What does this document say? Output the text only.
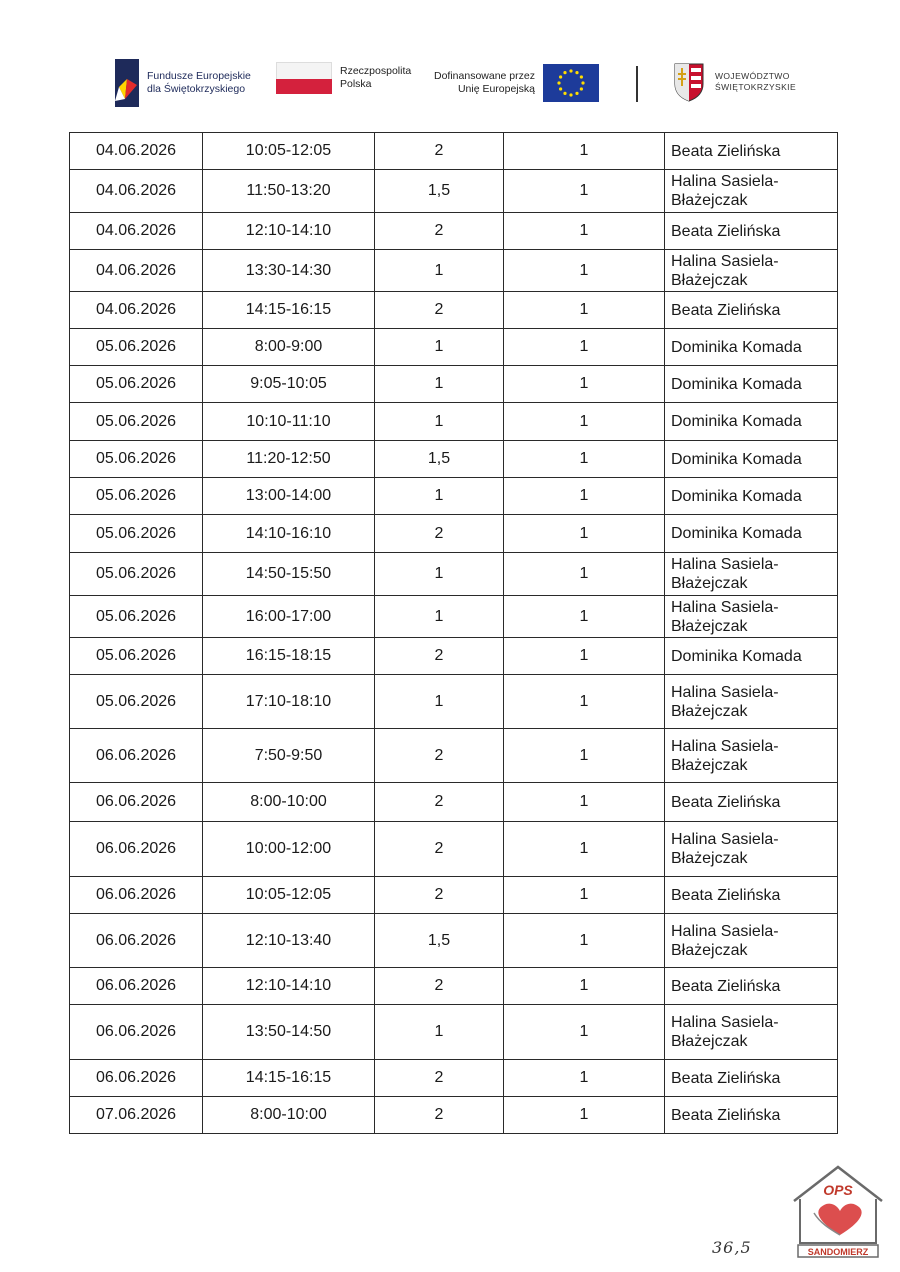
Fundusze Europejskie
dla Świętokrzyskiego
Rzeczpospolita
Polska
Dofinansowane przez
Unię Europejską
WOJEWÓDZTWO
ŚWIĘTOKRZYSKIE
04.06.2026	10:05-12:05	2	1	Beata Zielińska

04.06.2026	11:50-13:20	1,5	1	Halina Sasiela-
Błażejczak

04.06.2026	12:10-14:10	2	1	Beata Zielińska

04.06.2026	13:30-14:30	1	1	Halina Sasiela-
Błażejczak

04.06.2026	14:15-16:15	2	1	Beata Zielińska

05.06.2026	8:00-9:00	1	1	Dominika Komada

05.06.2026	9:05-10:05	1	1	Dominika Komada

05.06.2026	10:10-11:10	1	1	Dominika Komada

05.06.2026	11:20-12:50	1,5	1	Dominika Komada

05.06.2026	13:00-14:00	1	1	Dominika Komada

05.06.2026	14:10-16:10	2	1	Dominika Komada

05.06.2026	14:50-15:50	1	1	Halina Sasiela-
Błażejczak

05.06.2026	16:00-17:00	1	1	Halina Sasiela-
Błażejczak

05.06.2026	16:15-18:15	2	1	Dominika Komada

05.06.2026	17:10-18:10	1	1	Halina Sasiela-
Błażejczak

06.06.2026	7:50-9:50	2	1	Halina Sasiela-
Błażejczak

06.06.2026	8:00-10:00	2	1	Beata Zielińska

06.06.2026	10:00-12:00	2	1	Halina Sasiela-
Błażejczak

06.06.2026	10:05-12:05	2	1	Beata Zielińska

06.06.2026	12:10-13:40	1,5	1	Halina Sasiela-
Błażejczak

06.06.2026	12:10-14:10	2	1	Beata Zielińska

06.06.2026	13:50-14:50	1	1	Halina Sasiela-
Błażejczak

06.06.2026	14:15-16:15	2	1	Beata Zielińska

07.06.2026	8:00-10:00	2	1	Beata Zielińska
OPS
SANDOMIERZ
36,5
